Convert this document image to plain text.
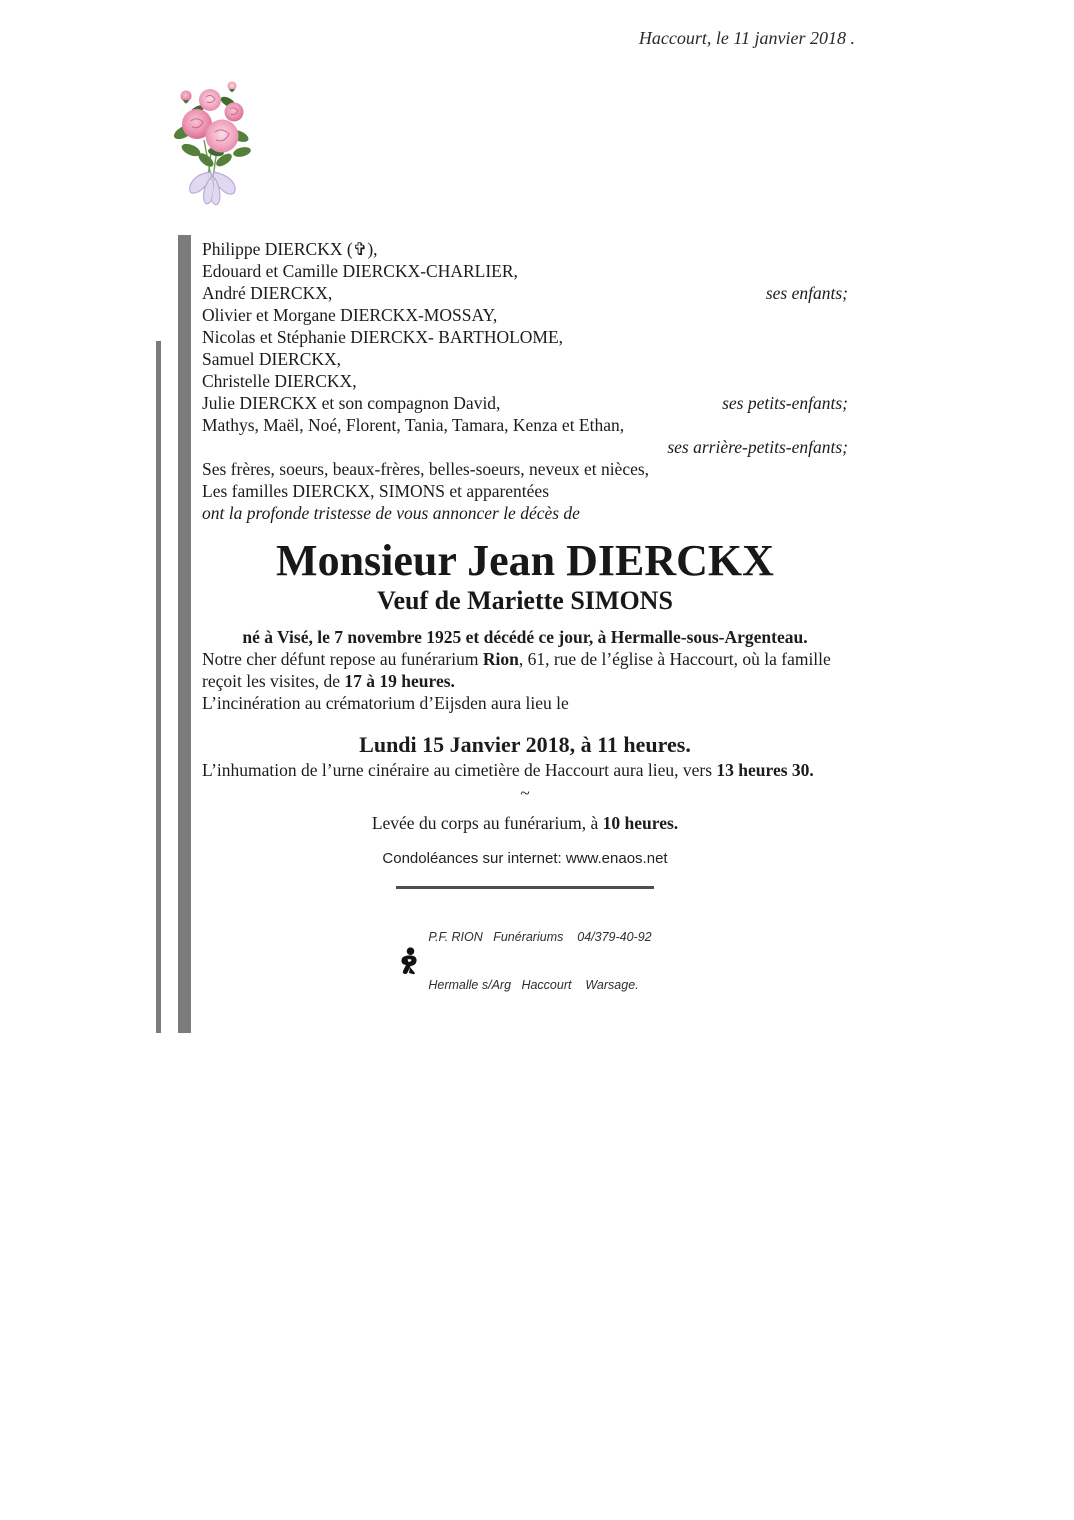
Haccourt, le 11 janvier 2018 .

Philippe DIERCKX (✞),
Edouard et Camille DIERCKX-CHARLIER,
André DIERCKX,	ses enfants;

Olivier et Morgane DIERCKX-MOSSAY,
Nicolas et Stéphanie DIERCKX- BARTHOLOME,
Samuel DIERCKX,
Christelle DIERCKX,
Julie DIERCKX et son compagnon David,	ses petits-enfants;

Mathys, Maël, Noé, Florent, Tania, Tamara, Kenza et Ethan,
ses arrière-petits-enfants;

Ses frères, soeurs, beaux-frères, belles-soeurs, neveux et nièces,

Les familles DIERCKX, SIMONS et apparentées

ont la profonde tristesse de vous annoncer le décès de

Monsieur Jean DIERCKX
Veuf de Mariette SIMONS
né à Visé, le 7 novembre 1925 et décédé ce jour, à Hermalle-sous-Argenteau.

Notre cher défunt repose au funérarium Rion, 61, rue de l’église à Haccourt, où la famille reçoit les visites, de 17 à 19 heures.

L’incinération au crématorium d’Eijsden aura lieu le

Lundi 15 Janvier 2018, à 11 heures.

L’inhumation de l’urne cinéraire au cimetière de Haccourt aura lieu, vers 13 heures 30.

~
Levée du corps au funérarium, à 10 heures.
Condoléances sur internet: www.enaos.net

P.F. RION   Funérariums    04/379-40-92

Hermalle s/Arg   Haccourt    Warsage.
